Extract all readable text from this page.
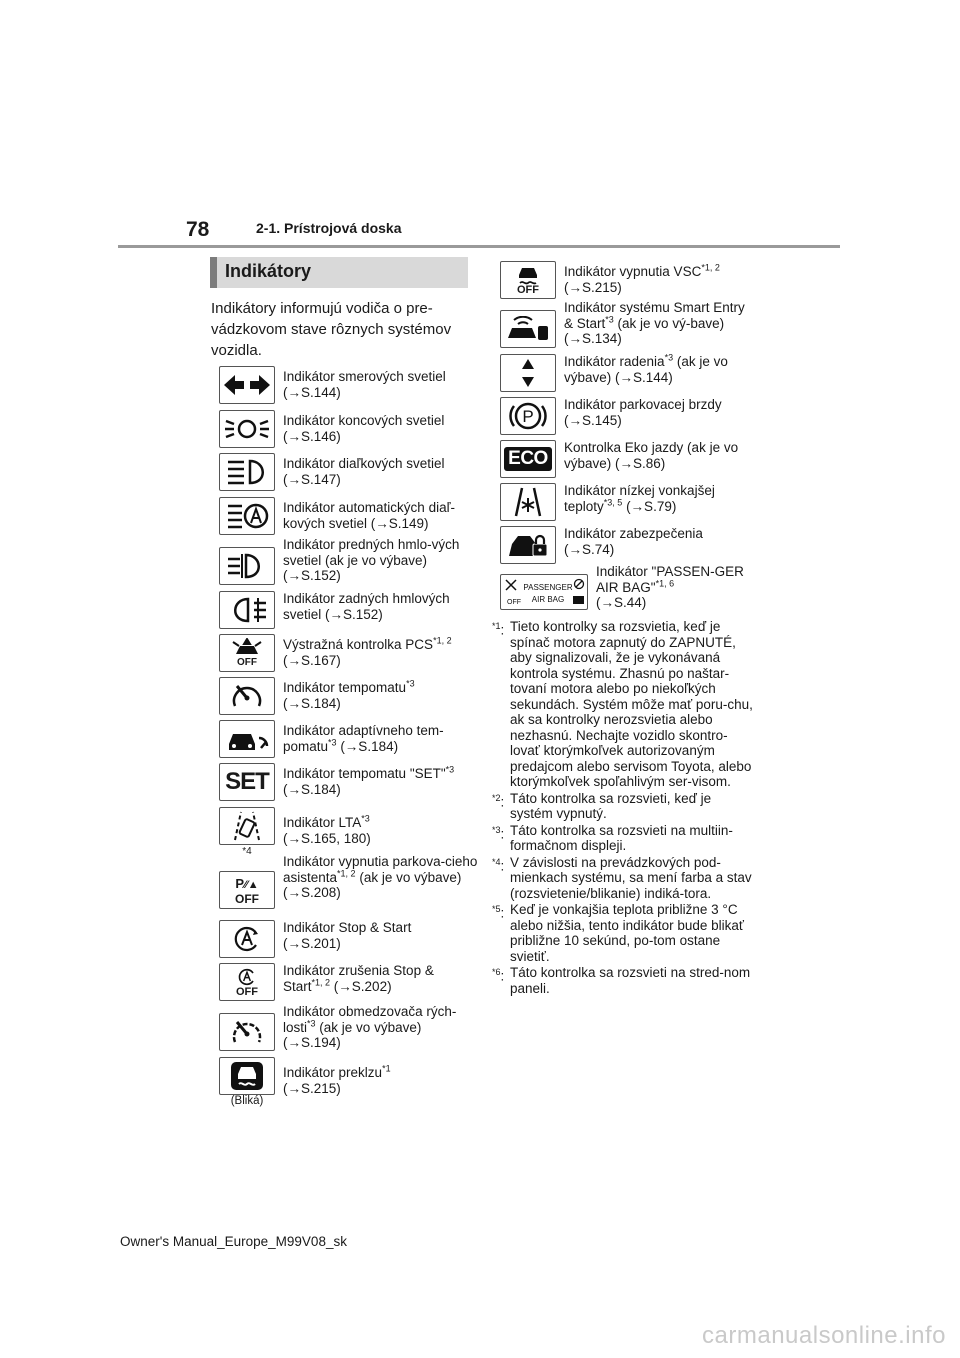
78	2-1. Prístrojová doska
Indikátory
Indikátory informujú vodiča o pre-vádzkovom stave rôznych systémov vozidla.
Indikátor smerových svetiel
(→S.144)
Indikátor koncových svetiel
(→S.146)
Indikátor diaľkových svetiel
(→S.147)
Indikátor automatických diaľ-kových svetiel (→S.149)
Indikátor predných hmlo-vých svetiel (ak je vo výbave) (→S.152)
Indikátor zadných hmlových svetiel (→S.152)
OFF
Výstražná kontrolka PCS$^{*1, 2}$
(→S.167)
Indikátor tempomatu$^{*3}$
(→S.184)
Indikátor adaptívneho tem-pomatu$^{*3}$ (→S.184)
SET Indikátor tempomatu "SET"$^{*3}$
(→S.184)
*4
Indikátor LTA$^{*3}$
(→S.165, 180)
P⁄⁄▲
OFF
Indikátor vypnutia parkova-cieho asistenta$^{*1, 2}$ (ak je vo výbave) (→S.208)
Indikátor Stop & Start
(→S.201)
OFF
Indikátor zrušenia Stop & Start$^{*1, 2}$ (→S.202)
Indikátor obmedzovača rých-losti$^{*3}$ (ak je vo výbave) (→S.194)
(Bliká)
Indikátor preklzu$^{*1}$
(→S.215)
OFF
Indikátor vypnutia VSC$^{*1, 2}$
(→S.215)
Indikátor systému Smart Entry & Start$^{*3}$ (ak je vo vý-bave) (→S.134)
Indikátor radenia$^{*3}$ (ak je vo výbave) (→S.144)
P
Indikátor parkovacej brzdy
(→S.145)
ECO
Kontrolka Eko jazdy (ak je vo výbave) (→S.86)
Indikátor nízkej vonkajšej teploty$^{*3, 5}$ (→S.79)
Indikátor zabezpečenia
(→S.74)
OFF
PASSENGER
AIR BAG
Indikátor "PASSEN-GER AIR BAG"$^{*1, 6}$
(→S.44)
$^{*1}$: Tieto kontrolky sa rozsvietia, keď je spínač motora zapnutý do ZAPNUTÉ, aby signalizovali, že je vykonávaná kontrola systému. Zhasnú po naštar-tovaní motora alebo po niekoľkých sekundách. Systém môže mať poru-chu, ak sa kontrolky nerozsvietia alebo nezhasnú. Nechajte vozidlo skontro-lovať ktorýmkoľvek autorizovaným predajcom alebo servisom Toyota, alebo ktorýmkoľvek spoľahlivým ser-visom.
$^{*2}$: Táto kontrolka sa rozsvieti, keď je systém vypnutý.
$^{*3}$: Táto kontrolka sa rozsvieti na multiin-formačnom displeji.
$^{*4}$: V závislosti na prevádzkových pod-mienkach systému, sa mení farba a stav (rozsvietenie/blikanie) indiká-tora.
$^{*5}$: Keď je vonkajšia teplota približne 3 °C alebo nižšia, tento indikátor bude blikať približne 10 sekúnd, po-tom ostane svietiť.
$^{*6}$: Táto kontrolka sa rozsvieti na stred-nom paneli.
Owner's Manual_Europe_M99V08_sk
carmanualsonline.info
